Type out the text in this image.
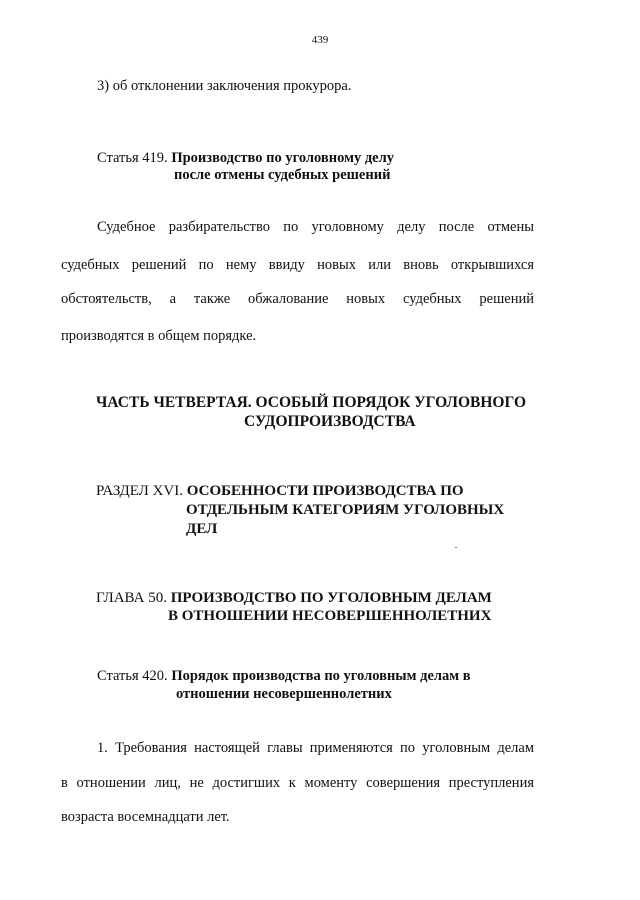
439
3) об отклонении заключения прокурора.
Статья 419. Производство по уголовному делу
после отмены судебных решений
Судебное разбирательство по уголовному делу после отмены
судебных решений по нему ввиду новых или вновь открывшихся
обстоятельств, а также обжалование новых судебных решений
производятся в общем порядке.
ЧАСТЬ ЧЕТВЕРТАЯ. ОСОБЫЙ ПОРЯДОК УГОЛОВНОГО
СУДОПРОИЗВОДСТВА
РАЗДЕЛ XVI. ОСОБЕННОСТИ ПРОИЗВОДСТВА ПО
ОТДЕЛЬНЫМ КАТЕГОРИЯМ УГОЛОВНЫХ
ДЕЛ
ГЛАВА 50. ПРОИЗВОДСТВО ПО УГОЛОВНЫМ ДЕЛАМ
В ОТНОШЕНИИ НЕСОВЕРШЕННОЛЕТНИХ
Статья 420. Порядок производства по уголовным делам в
отношении несовершеннолетних
1. Требования настоящей главы применяются по уголовным делам
в отношении лиц, не достигших к моменту совершения преступления
возраста восемнадцати лет.
